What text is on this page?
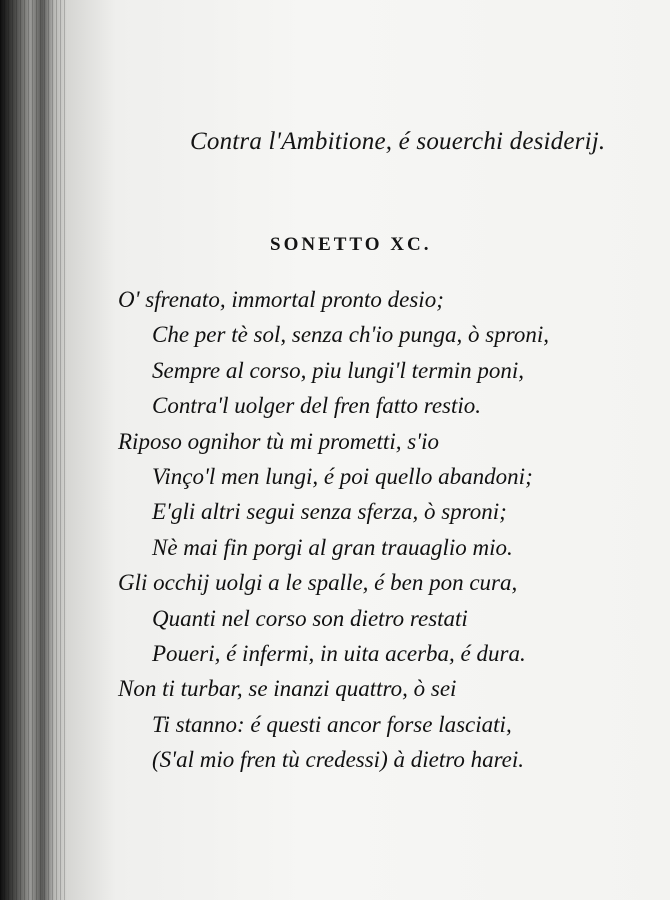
Contra l'Ambitione, é souerchi desiderij.
SONETTO XC.
O' sfrenato, immortal pronto desio;
Che per tè sol, senza ch'io punga, ò sproni,
Sempre al corso, piu lungi'l termin poni,
Contra'l uolger del fren fatto restio.
Riposo ognihor tù mi prometti, s'io
Vinço'l men lungi, é poi quello abandoni;
E'gli altri segui senza sferza, ò sproni;
Nè mai fin porgi al gran trauaglio mio.
Gli occhij uolgi a le spalle, é ben pon cura,
Quanti nel corso son dietro restati
Poueri, é infermi, in uita acerba, é dura.
Non ti turbar, se inanzi quattro, ò sei
Ti stanno: é questi ancor forse lasciati,
(S'al mio fren tù credessi) à dietro harei.
